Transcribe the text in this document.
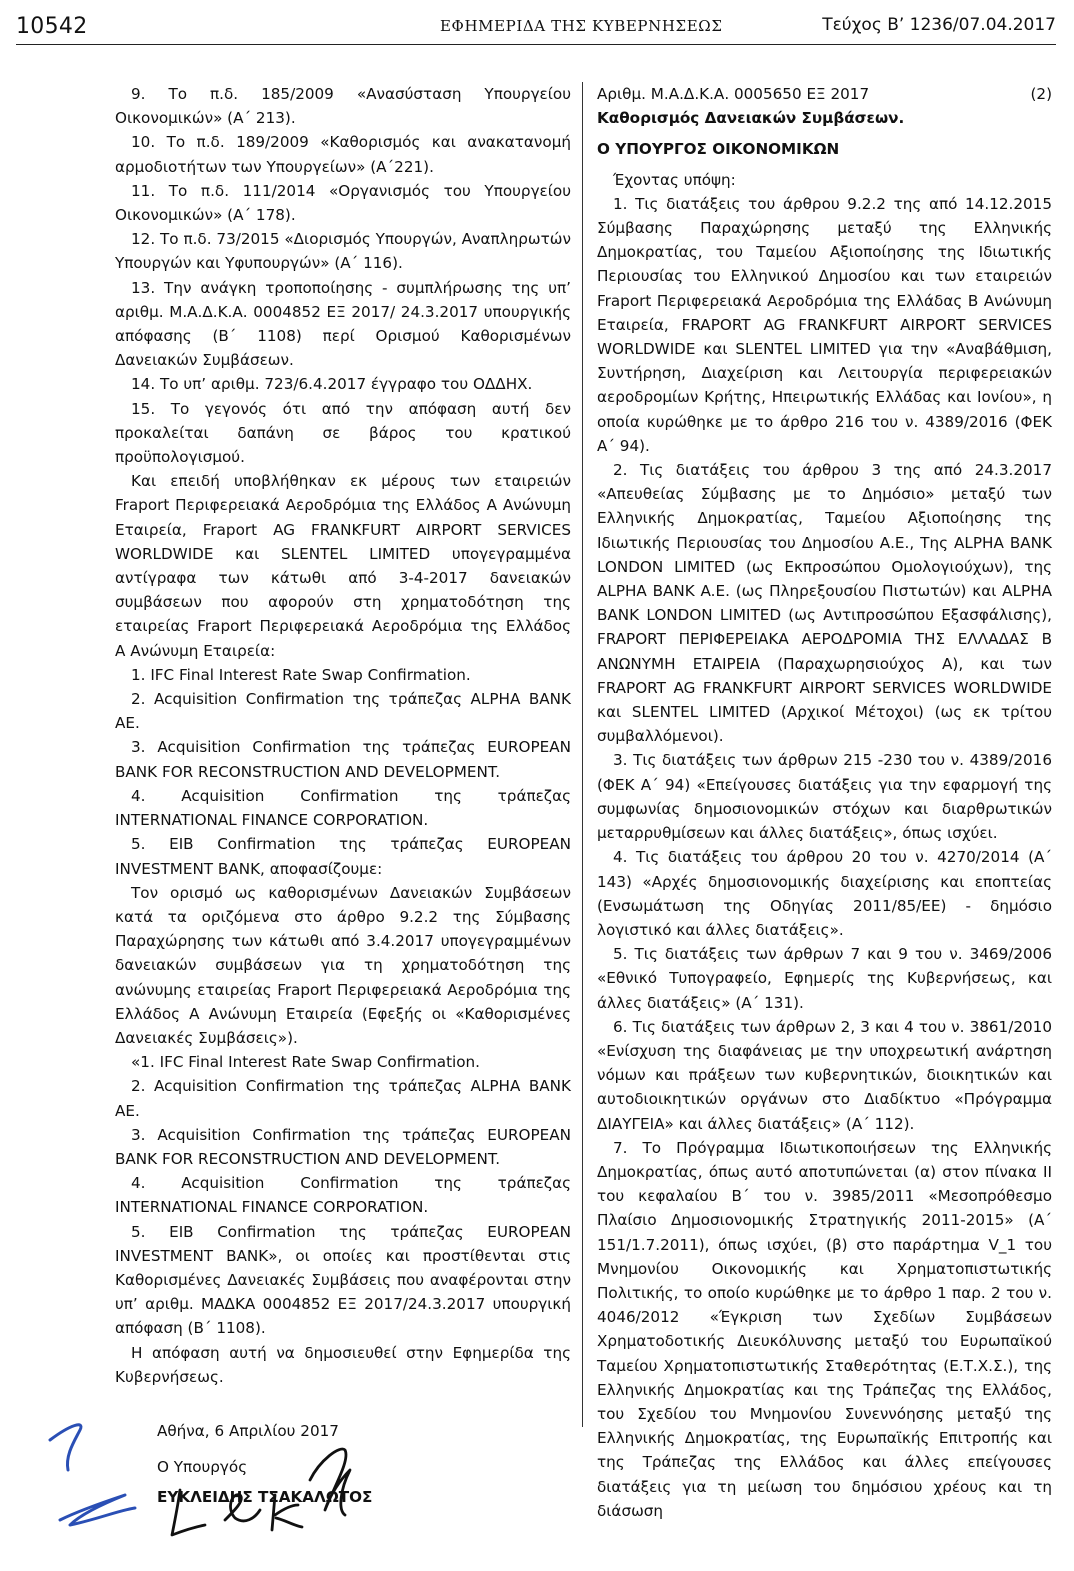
10542	ΕΦΗΜΕΡΙΔΑ ΤΗΣ ΚΥΒΕΡΝΗΣΕΩΣ	Τεύχος Β’ 1236/07.04.2017

9. Το π.δ. 185/2009 «Ανασύσταση Υπουργείου Οικονομικών» (Α΄ 213).

10. Το π.δ. 189/2009 «Καθορισμός και ανακατανομή αρμοδιοτήτων των Υπουργείων» (Α΄221).

11. Το π.δ. 111/2014 «Οργανισμός του Υπουργείου Οικονομικών» (Α΄ 178).

12. Το π.δ. 73/2015 «Διορισμός Υπουργών, Αναπληρωτών Υπουργών και Υφυπουργών» (Α΄ 116).

13. Την ανάγκη τροποποίησης - συμπλήρωσης της υπ’ αριθμ. Μ.Α.Δ.Κ.Α. 0004852 ΕΞ 2017/ 24.3.2017 υπουργικής απόφασης (Β΄ 1108) περί Ορισμού Καθορισμένων Δανειακών Συμβάσεων.

14. Το υπ’ αριθμ. 723/6.4.2017 έγγραφο του ΟΔΔΗΧ.

15. Το γεγονός ότι από την απόφαση αυτή δεν προκαλείται δαπάνη σε βάρος του κρατικού προϋπολογισμού.

Και επειδή υποβλήθηκαν εκ μέρους των εταιρειών Fraport Περιφερειακά Αεροδρόμια της Ελλάδος Α Ανώνυμη Εταιρεία, Fraport AG FRANKFURT AIRPORT SERVICES WORLDWIDE και SLENTEL LIMITED υπογεγραμμένα αντίγραφα των κάτωθι από 3-4-2017 δανειακών συμβάσεων που αφορούν στη χρηματοδότηση της εταιρείας Fraport Περιφερειακά Αεροδρόμια της Ελλάδος Α Ανώνυμη Εταιρεία:

1. IFC Final Interest Rate Swap Confirmation.

2. Acquisition Confirmation της τράπεζας ALPHA BANK AE.

3. Acquisition Confirmation της τράπεζας EUROPEAN BANK FOR RECONSTRUCTION AND DEVELOPMENT.

4. Acquisition Confirmation της τράπεζας INTERNATIONAL FINANCE CORPORATION.

5. EIB Confirmation της τράπεζας EUROPEAN INVESTMENT BANK, αποφασίζουμε:

Τον ορισμό ως καθορισμένων Δανειακών Συμβάσεων κατά τα οριζόμενα στο άρθρο 9.2.2 της Σύμβασης Παραχώρησης των κάτωθι από 3.4.2017 υπογεγραμμένων δανειακών συμβάσεων για τη χρηματοδότηση της ανώνυμης εταιρείας Fraport Περιφερειακά Αεροδρόμια της Ελλάδος Α Ανώνυμη Εταιρεία (Εφεξής οι «Καθορισμένες Δανειακές Συμβάσεις»).

«1. IFC Final Interest Rate Swap Confirmation.

2. Acquisition Confirmation της τράπεζας ALPHA BANK AE.

3. Acquisition Confirmation της τράπεζας EUROPEAN BANK FOR RECONSTRUCTION AND DEVELOPMENT.

4. Acquisition Confirmation της τράπεζας INTERNATIONAL FINANCE CORPORATION.

5. EIB Confirmation της τράπεζας EUROPEAN INVESTMENT BANK», οι οποίες και προστίθενται στις Καθορισμένες Δανειακές Συμβάσεις που αναφέρονται στην υπ’ αριθμ. ΜΑΔΚΑ 0004852 ΕΞ 2017/24.3.2017 υπουργική απόφαση (Β΄ 1108).

Η απόφαση αυτή να δημοσιευθεί στην Εφημερίδα της Κυβερνήσεως.

Αθήνα, 6 Απριλίου 2017

Ο Υπουργός

ΕΥΚΛΕΙΔΗΣ ΤΣΑΚΑΛΩΤΟΣ

Αριθμ. Μ.Α.Δ.Κ.Α. 0005650 ΕΞ 2017	(2)

Καθορισμός Δανειακών Συμβάσεων.

Ο ΥΠΟΥΡΓΟΣ ΟΙΚΟΝΟΜΙΚΩΝ

Έχοντας υπόψη:

1. Τις διατάξεις του άρθρου 9.2.2 της από 14.12.2015 Σύμβασης Παραχώρησης μεταξύ της Ελληνικής Δημοκρατίας, του Ταμείου Αξιοποίησης της Ιδιωτικής Περιουσίας του Ελληνικού Δημοσίου και των εταιρειών Fraport Περιφερειακά Αεροδρόμια της Ελλάδας Β Ανώνυμη Εταιρεία, FRAPORT AG FRANKFURT AIRPORT SERVICES WORLDWIDE και SLENTEL LIMITED για την «Αναβάθμιση, Συντήρηση, Διαχείριση και Λειτουργία περιφερειακών αεροδρομίων Κρήτης, Ηπειρωτικής Ελλάδας και Ιονίου», η οποία κυρώθηκε με το άρθρο 216 του ν. 4389/2016 (ΦΕΚ Α΄ 94).

2. Τις διατάξεις του άρθρου 3 της από 24.3.2017 «Απευθείας Σύμβασης με το Δημόσιο» μεταξύ των Ελληνικής Δημοκρατίας, Ταμείου Αξιοποίησης της Ιδιωτικής Περιουσίας του Δημοσίου Α.Ε., Της ALPHA BANK LONDON LIMITED (ως Εκπροσώπου Ομολογιούχων), της ALPHA BANK A.E. (ως Πληρεξουσίου Πιστωτών) και ALPHA BANK LONDON LIMITED (ως Αντιπροσώπου Εξασφάλισης), FRAPORT ΠΕΡΙΦΕΡΕΙΑΚΑ ΑΕΡΟΔΡΟΜΙΑ ΤΗΣ ΕΛΛΑΔΑΣ Β ΑΝΩΝΥΜΗ ΕΤΑΙΡΕΙΑ (Παραχωρησιούχος Α), και των FRAPORT AG FRANKFURT AIRPORT SERVICES WORLDWIDE και SLENTEL LIMITED (Αρχικοί Μέτοχοι) (ως εκ τρίτου συμβαλλόμενοι).

3. Τις διατάξεις των άρθρων 215 -230 του ν. 4389/2016 (ΦΕΚ Α΄ 94) «Επείγουσες διατάξεις για την εφαρμογή της συμφωνίας δημοσιονομικών στόχων και διαρθρωτικών μεταρρυθμίσεων και άλλες διατάξεις», όπως ισχύει.

4. Τις διατάξεις του άρθρου 20 του ν. 4270/2014 (Α΄ 143) «Αρχές δημοσιονομικής διαχείρισης και εποπτείας (Ενσωμάτωση της Οδηγίας 2011/85/ΕΕ) - δημόσιο λογιστικό και άλλες διατάξεις».

5. Τις διατάξεις των άρθρων 7 και 9 του ν. 3469/2006 «Εθνικό Τυπογραφείο, Εφημερίς της Κυβερνήσεως, και άλλες διατάξεις» (Α΄ 131).

6. Τις διατάξεις των άρθρων 2, 3 και 4 του ν. 3861/2010 «Ενίσχυση της διαφάνειας με την υποχρεωτική ανάρτηση νόμων και πράξεων των κυβερνητικών, διοικητικών και αυτοδιοικητικών οργάνων στο Διαδίκτυο «Πρόγραμμα ΔΙΑΥΓΕΙΑ» και άλλες διατάξεις» (Α΄ 112).

7. Το Πρόγραμμα Ιδιωτικοποιήσεων της Ελληνικής Δημοκρατίας, όπως αυτό αποτυπώνεται (α) στον πίνακα ΙΙ του κεφαλαίου Β΄ του ν. 3985/2011 «Μεσοπρόθεσμο Πλαίσιο Δημοσιονομικής Στρατηγικής 2011-2015» (Α΄ 151/1.7.2011), όπως ισχύει, (β) στο παράρτημα V_1 του Μνημονίου Οικονομικής και Χρηματοπιστωτικής Πολιτικής, το οποίο κυρώθηκε με το άρθρο 1 παρ. 2 του ν. 4046/2012 «Έγκριση των Σχεδίων Συμβάσεων Χρηματοδοτικής Διευκόλυνσης μεταξύ του Ευρωπαϊκού Ταμείου Χρηματοπιστωτικής Σταθερότητας (Ε.Τ.Χ.Σ.), της Ελληνικής Δημοκρατίας και της Τράπεζας της Ελλάδος, του Σχεδίου του Μνημονίου Συνεννόησης μεταξύ της Ελληνικής Δημοκρατίας, της Ευρωπαϊκής Επιτροπής και της Τράπεζας της Ελλάδος και άλλες επείγουσες διατάξεις για τη μείωση του δημόσιου χρέους και τη διάσωση
